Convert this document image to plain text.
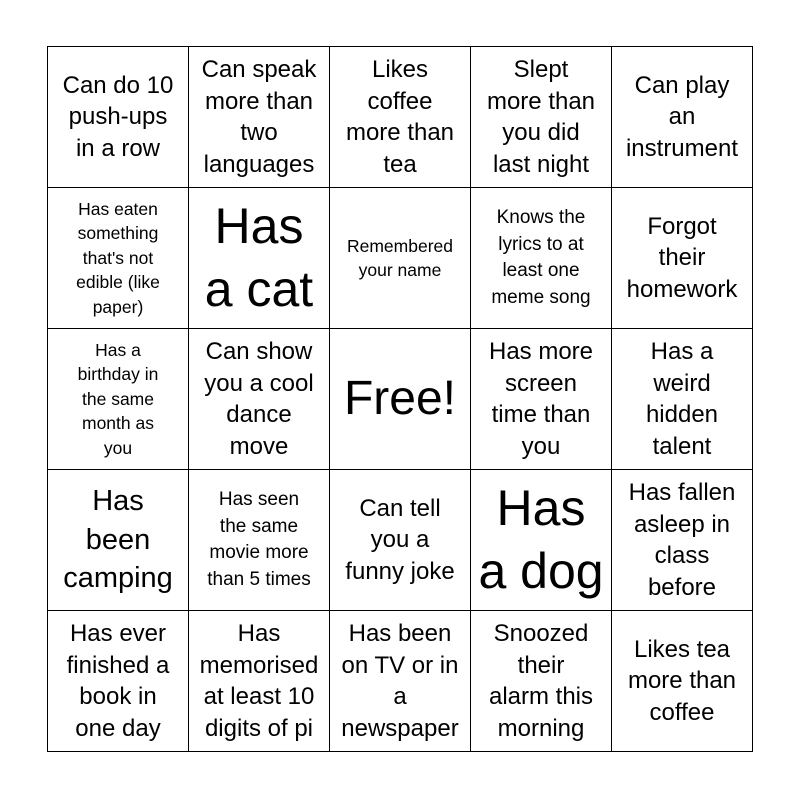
Can do 10
push-ups
in a row
Can speak
more than
two
languages
Likes
coffee
more than
tea
Slept
more than
you did
last night
Can play
an
instrument
Has eaten
something
that's not
edible (like
paper)
Has
a cat
Remembered
your name
Knows the
lyrics to at
least one
meme song
Forgot
their
homework
Has a
birthday in
the same
month as
you
Can show
you a cool
dance
move
Free!
Has more
screen
time than
you
Has a
weird
hidden
talent
Has
been
camping
Has seen
the same
movie more
than 5 times
Can tell
you a
funny joke
Has
a dog
Has fallen
asleep in
class
before
Has ever
finished a
book in
one day
Has
memorised
at least 10
digits of pi
Has been
on TV or in
a
newspaper
Snoozed
their
alarm this
morning
Likes tea
more than
coffee
